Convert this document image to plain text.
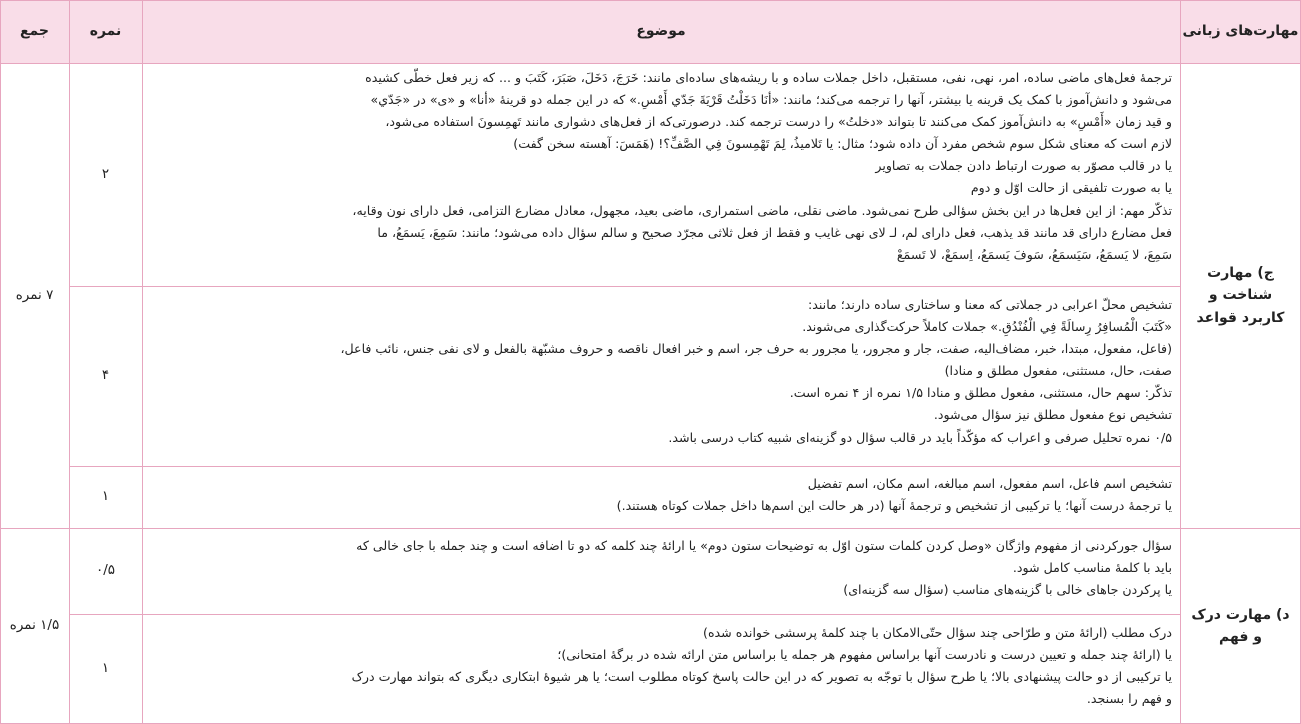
مهارت‌های زبانی
موضوع
نمره
جمع
ج) مهارت شناخت و کاربرد قواعد
۷ نمره
۲

ترجمهٔ فعل‌های ماضی ساده، امر، نهی، نفی، مستقبل، داخل جملات ساده و با ریشه‌های ساده‌ای مانند: خَرَجَ، دَخَلَ، صَبَرَ، کَتَبَ و ... که زیر فعل خطّی کشیده

می‌شود و دانش‌آموز با کمک یک قرینه یا بیشتر، آنها را ترجمه می‌کند؛ مانند: «أنَا دَخَلْتُ قَرْيَةَ جَدّي أَمْسِ.» که در این جمله دو قرینهٔ «أنا» و «ی» در «جَدّي»

و قید زمان «أَمْسِ» به دانش‌آموز کمک می‌کنند تا بتواند «دخلتُ» را درست ترجمه کند. درصورتی‌که از فعل‌های دشواری مانند تَهمِسونَ استفاده می‌شود،

لازم است که معنای شکل سوم شخص مفرد آن داده شود؛ مثال: یا تَلامیذُ، لِمَ تَهْمِسونَ فِي الصَّفِّ؟! (هَمَسَ: آهسته سخن گفت)

یا در قالب مصوّر به صورت ارتباط دادن جملات به تصاویر

یا به صورت تلفیقی از حالت اوّل و دوم

تذکّر مهم: از این فعل‌ها در این بخش سؤالی طرح نمی‌شود. ماضی نقلی، ماضی استمراری، ماضی بعید، مجهول، معادل مضارع التزامی، فعل دارای نون وقایه،

فعل مضارع دارای قد مانند قد یذهب، فعل دارای لم، لـ لای نهی غایب و فقط از فعل ثلاثی مجرّد صحیح و سالم سؤال داده می‌شود؛ مانند: سَمِعَ، یَسمَعُ، ما

سَمِعَ، لا یَسمَعُ، سَیَسمَعُ، سَوفَ یَسمَعُ، اِسمَعْ، لا تَسمَعْ

۴

تشخیص محلّ اعرابی در جملاتی که معنا و ساختاری ساده دارند؛ مانند:

«کَتَبَ الْمُسافِرُ رِسالَةً فِي الْفُنْدُقِ.» جملات کاملاً حرکت‌گذاری می‌شوند.

(فاعل، مفعول، مبتدا، خبر، مضاف‌الیه، صفت، جار و مجرور، یا مجرور به حرف جر، اسم و خبر افعال ناقصه و حروف مشبّهة بالفعل و لای نفی جنس، نائب فاعل،

صفت، حال، مستثنی، مفعول مطلق و منادا)

تذکّر: سهم حال، مستثنی، مفعول مطلق و منادا ۱/۵ نمره از ۴ نمره است.

تشخیص نوع مفعول مطلق نیز سؤال می‌شود.

۰/۵ نمره تحلیل صرفی و اعراب که مؤکّداً باید در قالب سؤال دو گزینه‌ای شبیه کتاب درسی باشد.

۱

تشخیص اسم فاعل، اسم مفعول، اسم مبالغه، اسم مکان، اسم تفضیل

یا ترجمهٔ درست آنها؛ یا ترکیبی از تشخیص و ترجمهٔ آنها (در هر حالت این اسم‌ها داخل جملات کوتاه هستند.)

د) مهارت درک و فهم
۱/۵ نمره
۰/۵

سؤال جورکردنی از مفهوم واژگان «وصل کردن کلمات ستون اوّل به توضیحات ستون دوم» یا ارائهٔ چند کلمه که دو تا اضافه است و چند جمله با جای خالی که

باید با کلمهٔ مناسب کامل شود.

یا پرکردن جاهای خالی با گزینه‌های مناسب (سؤال سه گزینه‌ای)

۱

درک مطلب (ارائهٔ متن و طرّاحی چند سؤال حتّی‌الامکان با چند کلمهٔ پرسشی خوانده شده)

یا (ارائهٔ چند جمله و تعیین درست و نادرست آنها براساس مفهوم هر جمله یا براساس متن ارائه شده در برگهٔ امتحانی)؛

یا ترکیبی از دو حالت پیشنهادی بالا؛ یا طرح سؤال با توجّه به تصویر که در این حالت پاسخ کوتاه مطلوب است؛ یا هر شیوهٔ ابتکاری دیگری که بتواند مهارت درک

و فهم را بسنجد.
